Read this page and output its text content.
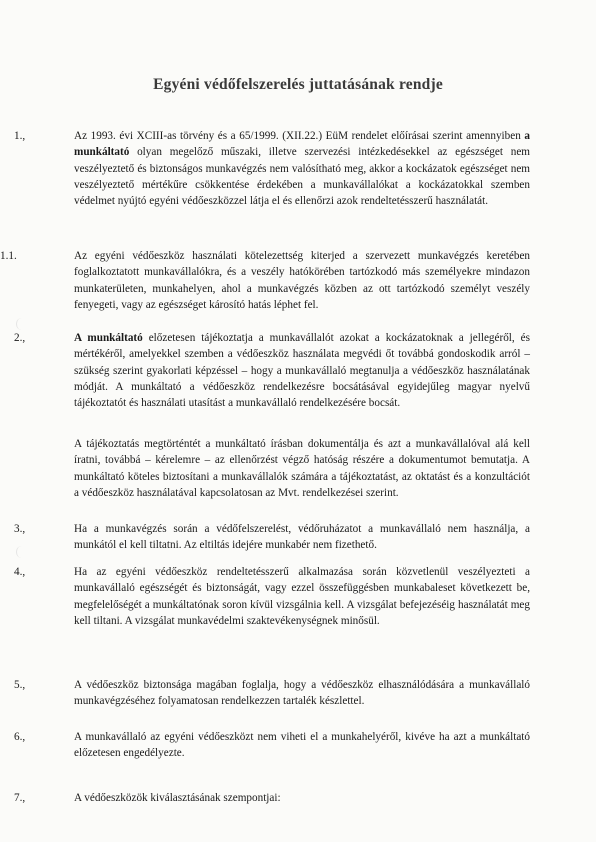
Egyéni védőfelszerelés juttatásának rendje
1.,	Az 1993. évi XCIII-as törvény és a 65/1999. (XII.22.) EüM rendelet előírásai szerint amennyiben a munkáltató olyan megelőző műszaki, illetve szervezési intézkedésekkel az egészséget nem veszélyeztető és biztonságos munkavégzés nem valósítható meg, akkor a kockázatok egészséget nem veszélyeztető mértékűre csökkentése érdekében a munkavállalókat a kockázatokkal szemben védelmet nyújtó egyéni védőeszközzel látja el és ellenőrzi azok rendeltetésszerű használatát.
1.1.	Az egyéni védőeszköz használati kötelezettség kiterjed a szervezett munkavégzés keretében foglalkoztatott munkavállalókra, és a veszély hatókörében tartózkodó más személyekre mindazon munkaterületen, munkahelyen, ahol a munkavégzés közben az ott tartózkodó személyt veszély fenyegeti, vagy az egészséget károsító hatás léphet fel.
2.,	A munkáltató előzetesen tájékoztatja a munkavállalót azokat a kockázatoknak a jellegéről, és mértékéről, amelyekkel szemben a védőeszköz használata megvédi őt továbbá gondoskodik arról – szükség szerint gyakorlati képzéssel – hogy a munkavállaló megtanulja a védőeszköz használatának módját. A munkáltató a védőeszköz rendelkezésre bocsátásával egyidejűleg magyar nyelvű tájékoztatót és használati utasítást a munkavállaló rendelkezésére bocsát.
A tájékoztatás megtörténtét a munkáltató írásban dokumentálja és azt a munkavállalóval alá kell íratni, továbbá – kérelemre – az ellenőrzést végző hatóság részére a dokumentumot bemutatja. A munkáltató köteles biztosítani a munkavállalók számára a tájékoztatást, az oktatást és a konzultációt a védőeszköz használatával kapcsolatosan az Mvt. rendelkezései szerint.
3.,	Ha a munkavégzés során a védőfelszerelést, védőruházatot a munkavállaló nem használja, a munkától el kell tiltatni. Az eltiltás idejére munkabér nem fizethető.
4.,	Ha az egyéni védőeszköz rendeltetésszerű alkalmazása során közvetlenül veszélyezteti a munkavállaló egészségét és biztonságát, vagy ezzel összefüggésben munkabaleset következett be, megfelelőségét a munkáltatónak soron kívül vizsgálnia kell. A vizsgálat befejezéséig használatát meg kell tiltani. A vizsgálat munkavédelmi szaktevékenységnek minősül.
5.,	A védőeszköz biztonsága magában foglalja, hogy a védőeszköz elhasználódására a munkavállaló munkavégzéséhez folyamatosan rendelkezzen tartalék készlettel.
6.,	A munkavállaló az egyéni védőeszközt nem viheti el a munkahelyéről, kivéve ha azt a munkáltató előzetesen engedélyezte.
7.,	A védőeszközök kiválasztásának szempontjai:
